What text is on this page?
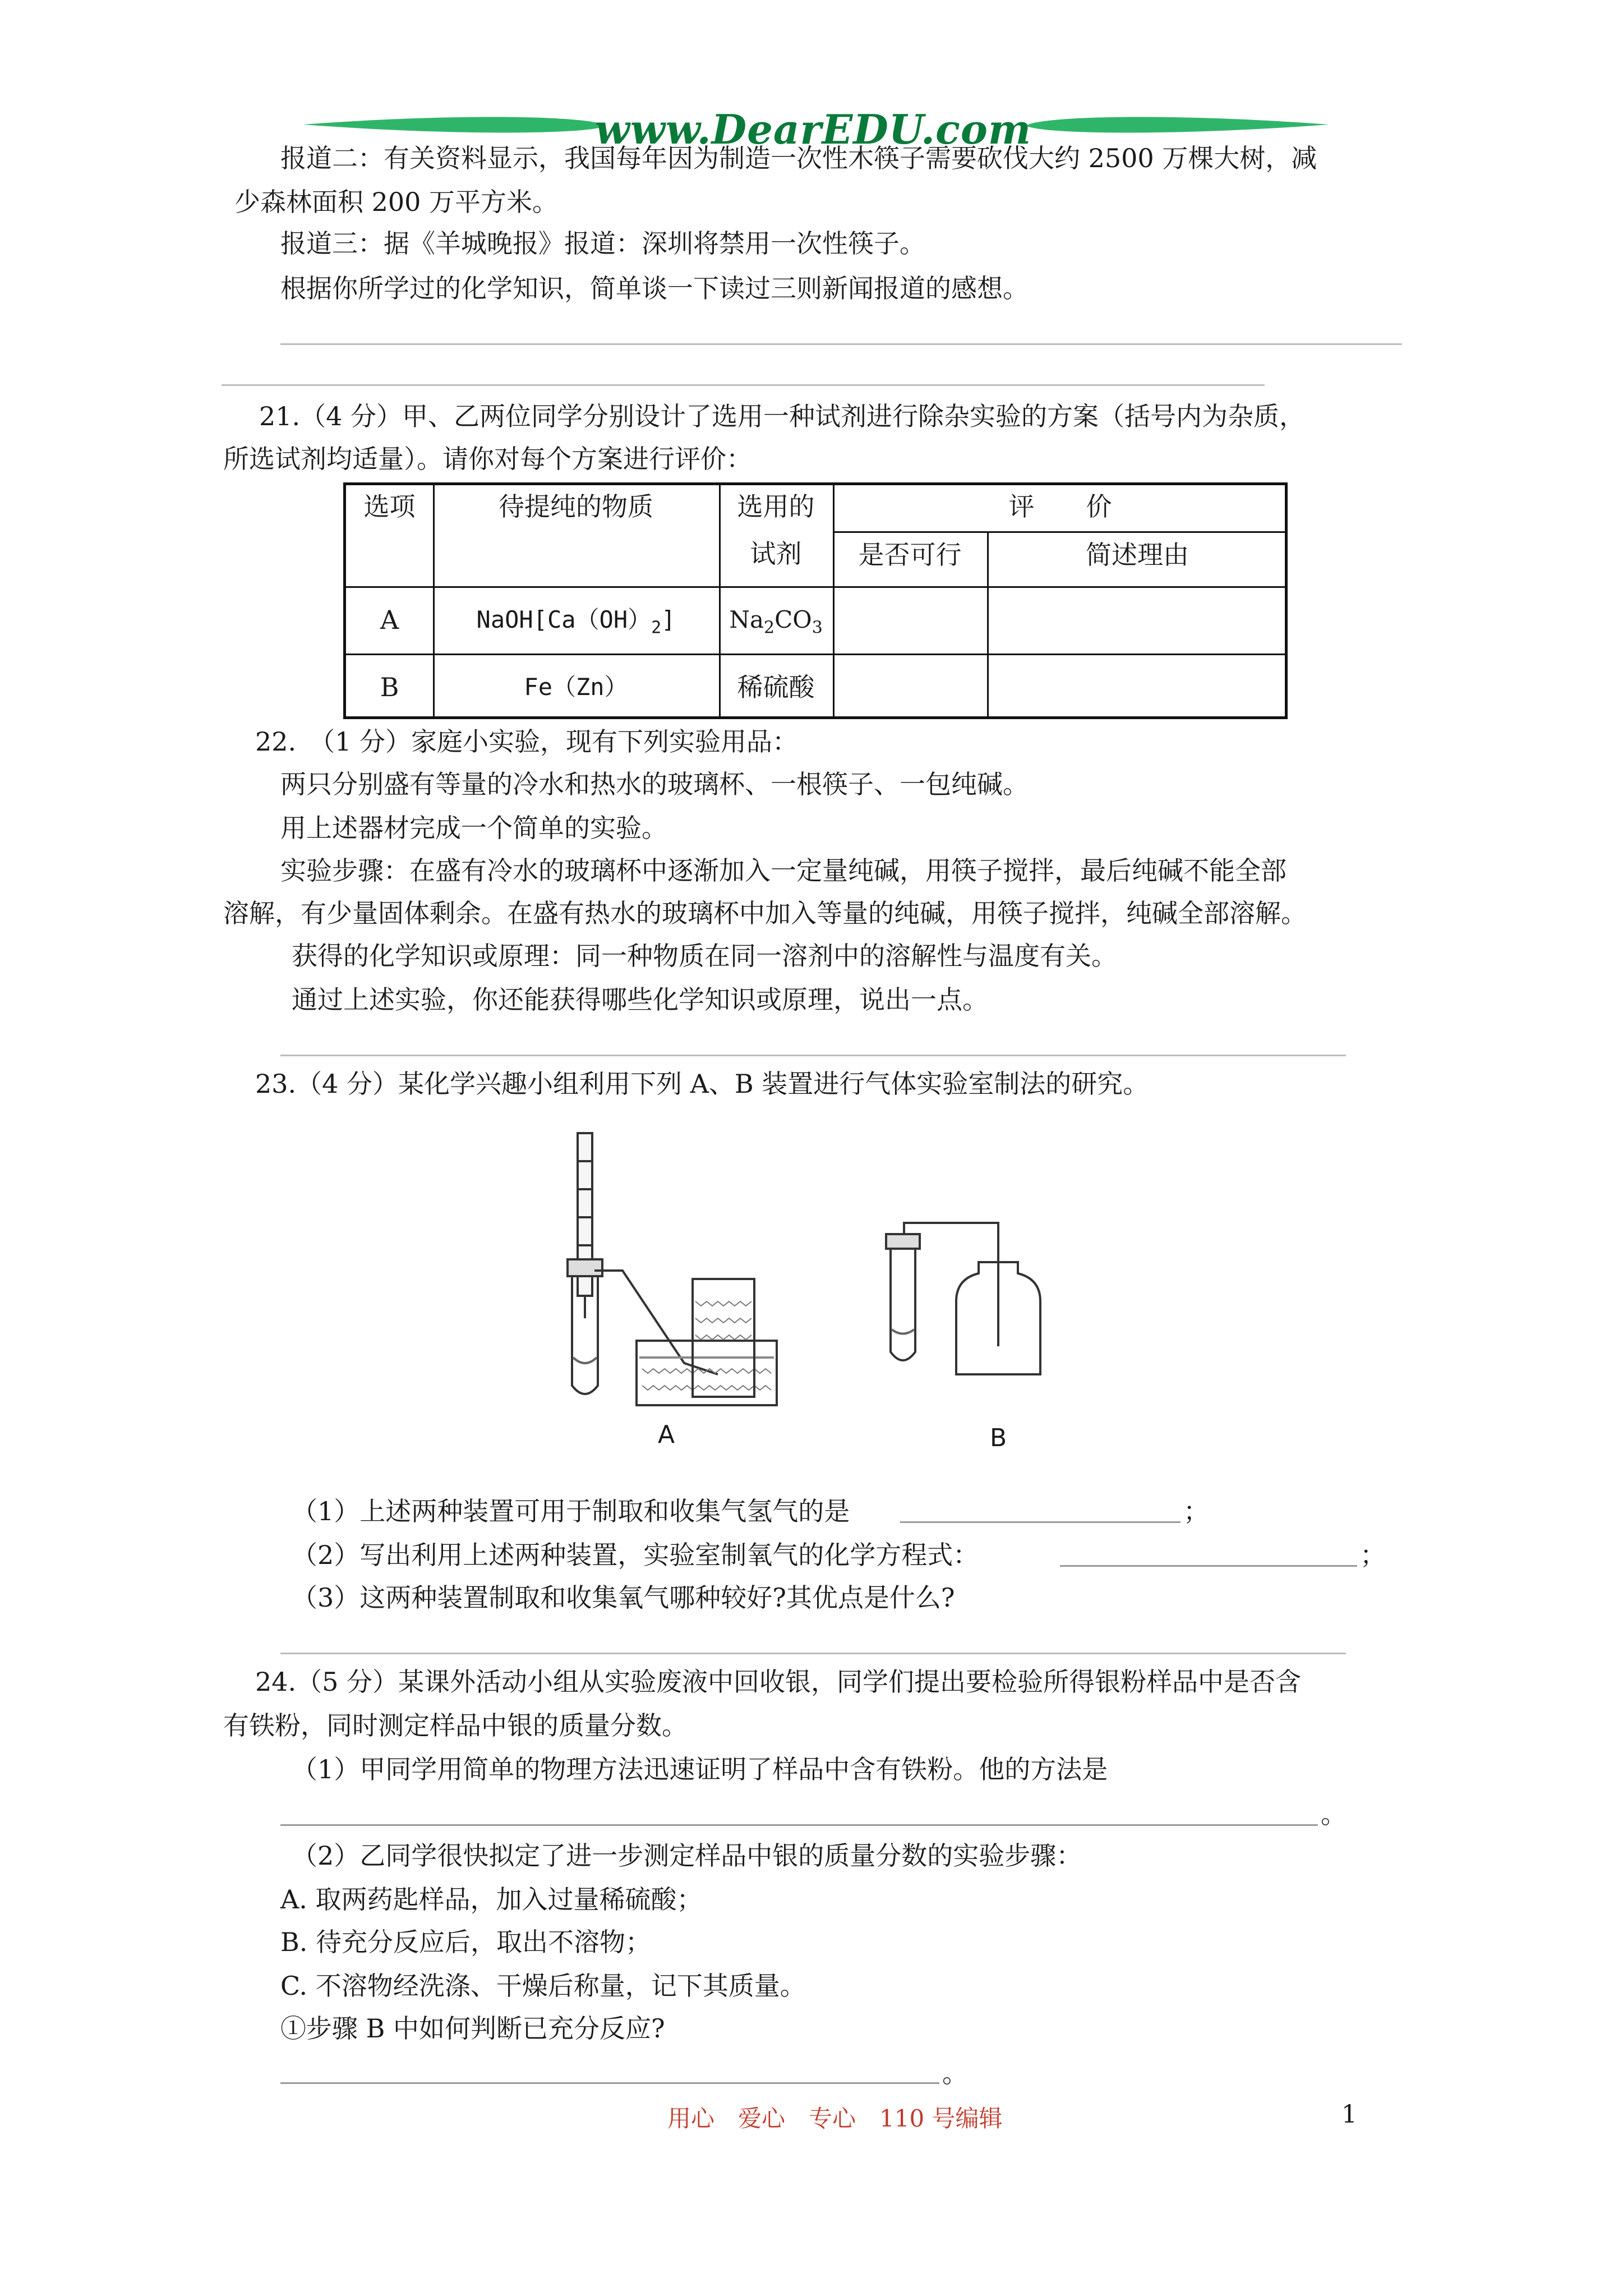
www.DearEDU.com
报道二：有关资料显示，我国每年因为制造一次性木筷子需要砍伐大约 2500 万棵大树，减
少森林面积 200 万平方米。
报道三：据《羊城晚报》报道：深圳将禁用一次性筷子。
根据你所学过的化学知识，简单谈一下读过三则新闻报道的感想。
21.（4 分）甲、乙两位同学分别设计了选用一种试剂进行除杂实验的方案（括号内为杂质，
所选试剂均适量）。请你对每个方案进行评价：
选项	待提纯的物质	选用的
试剂
评　　价
是否可行	简述理由
A	$NaOH[Ca(OH)_2]$	$Na_2CO_3$
B	Fe（Zn）	稀硫酸
22.　（1 分）家庭小实验，现有下列实验用品：
两只分别盛有等量的冷水和热水的玻璃杯、一根筷子、一包纯碱。
用上述器材完成一个简单的实验。
实验步骤：在盛有冷水的玻璃杯中逐渐加入一定量纯碱，用筷子搅拌，最后纯碱不能全部
溶解，有少量固体剩余。在盛有热水的玻璃杯中加入等量的纯碱，用筷子搅拌，纯碱全部溶解。
获得的化学知识或原理：同一种物质在同一溶剂中的溶解性与温度有关。
通过上述实验，你还能获得哪些化学知识或原理，说出一点。
23.（4 分）某化学兴趣小组利用下列 A、B 装置进行气体实验室制法的研究。
A	B
（1）上述两种装置可用于制取和收集气氢气的是	；
（2）写出利用上述两种装置，实验室制氧气的化学方程式：	；
（3）这两种装置制取和收集氧气哪种较好?其优点是什么?
24.（5 分）某课外活动小组从实验废液中回收银，同学们提出要检验所得银粉样品中是否含
有铁粉，同时测定样品中银的质量分数。
（1）甲同学用简单的物理方法迅速证明了样品中含有铁粉。他的方法是
。
（2）乙同学很快拟定了进一步测定样品中银的质量分数的实验步骤：
A. 取两药匙样品，加入过量稀硫酸；
B. 待充分反应后，取出不溶物；
C. 不溶物经洗涤、干燥后称量，记下其质量。
①步骤 B 中如何判断已充分反应?
。
用心　爱心　专心　110 号编辑	1
